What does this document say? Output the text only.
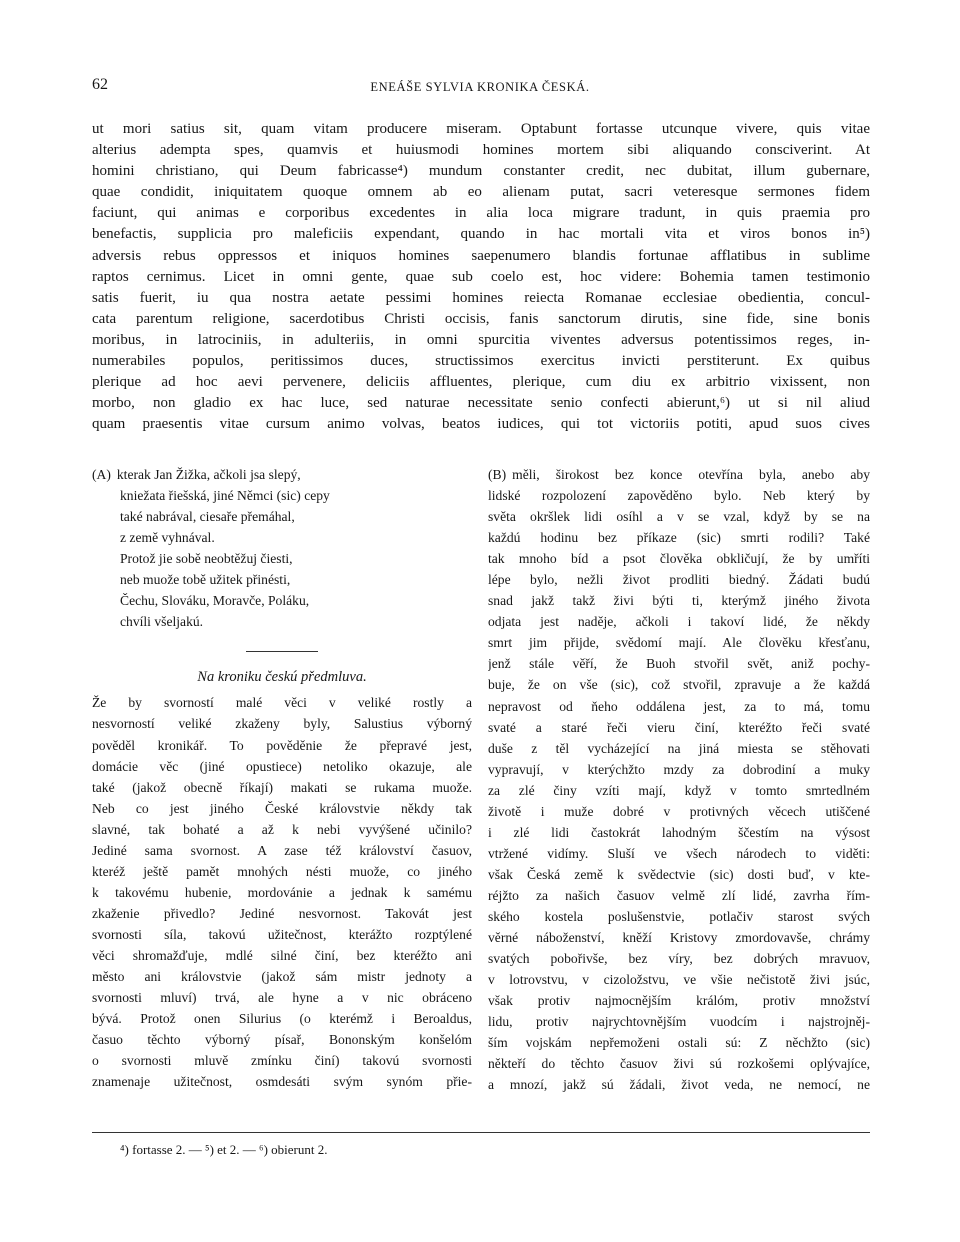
62	ENEÁŠE SYLVIA KRONIKA ČESKÁ.
ut mori satius sit, quam vitam producere miseram. Optabunt fortasse utcunque vivere, quis vitae
alterius adempta spes, quamvis et huiusmodi homines mortem sibi aliquando consciverint. At
homini christiano, qui Deum fabricasse⁴) mundum constanter credit, nec dubitat, illum gubernare,
quae condidit, iniquitatem quoque omnem ab eo alienam putat, sacri veteresque sermones fidem
faciunt, qui animas e corporibus excedentes in alia loca migrare tradunt, in quis praemia pro
benefactis, supplicia pro maleficiis expendant, quando in hac mortali vita et viros bonos in⁵)
adversis rebus oppressos et iniquos homines saepenumero blandis fortunae afflatibus in sublime
raptos cernimus. Licet in omni gente, quae sub coelo est, hoc videre: Bohemia tamen testimonio
satis fuerit, iu qua nostra aetate pessimi homines reiecta Romanae ecclesiae obedientia, concul-
cata parentum religione, sacerdotibus Christi occisis, fanis sanctorum dirutis, sine fide, sine bonis
moribus, in latrociniis, in adulteriis, in omni spurcitia viventes adversus potentissimos reges, in-
numerabiles populos, peritissimos duces, structissimos exercitus invicti perstiterunt. Ex quibus
plerique ad hoc aevi pervenere, deliciis affluentes, plerique, cum diu ex arbitrio vixissent, non
morbo, non gladio ex hac luce, sed naturae necessitate senio confecti abierunt,⁶) ut si nil aliud
quam praesentis vitae cursum animo volvas, beatos iudices, qui tot victoriis potiti, apud suos cives
(A) kterak Jan Žižka, ačkoli jsa slepý,
kniežata řiešská, jiné Němci (sic) cepy
také nabrával, ciesaře přemáhal,
z země vyhnával.
Protož jie sobě neobtěžuj čiesti,
neb muože tobě užitek přinésti,
Čechu, Slováku, Moravče, Poláku,
chvíli všeljakú.
Na kroniku českú předmluva.
Že by svorností malé věci v veliké rostly a
nesvorností veliké zkaženy byly, Salustius výborný
pověděl kronikář. To pověděnie že přepravé jest,
domácie věc (jiné opustiece) netoliko okazuje, ale
také (jakož obecně říkají) makati se rukama muože.
Neb co jest jiného České královstvie někdy tak
slavné, tak bohaté a až k nebi vyvýšené učinilo?
Jediné sama svornost. A zase též království časuov,
kteréž ještě pamět mnohých nésti muože, co jiného
k takovému hubenie, mordovánie a jednak k samému
zkaženie přivedlo? Jediné nesvornost. Takovát jest
svornosti síla, takovú užitečnost, kterážto rozptýlené
věci shromažďuje, mdlé silné činí, bez kteréžto ani
město ani královstvie (jakož sám mistr jednoty a
svornosti mluví) trvá, ale hyne a v nic obrácenо
bývá. Protož onen Silurius (o kterémž i Beroaldus,
časuo těchto výborný písař, Bononským konšelóm
o svornosti mluvě zmínku činí) takovú svornosti
znamenaje užitečnost, osmdesáti svým synóm přie-
(B) měli, širokost bez konce otevřína byla, anebo aby
lidské rozpolození zapověděno bylo. Neb který by
světa okršlek lidi osíhl a v se vzal, když by se na
každú hodinu bez příkaze (sic) smrti rodili? Také
tak mnoho bíd a psot člověka obkličují, že by umříti
lépe bylo, nežli život prodliti biedný. Žádati budú
snad jakž takž živi býti ti, kterýmž jiného života
odjata jest naděje, ačkoli i takoví lidé, že někdy
smrt jim přijde, svědomí mají. Ale člověku křesťanu,
jenž stále věří, že Buoh stvořil svět, aniž pochy-
buje, že on vše (sic), což stvořil, zpravuje a že každá
nepravost od ňeho oddálena jest, za to má, tomu
svaté a staré řeči vieru činí, kteréžto řeči svaté
duše z těl vycházející na jiná miesta se stěhovati
vypravují, v kterýchžto mzdy za dobrodiní a muky
za zlé činy vzíti mají, když v tomto smrtedlném
životě i muže dobré v protivných věcech utiščené
i zlé lidi častokrát lahodným ščestím na výsost
vtržené vidímy. Sluší ve všech národech to viděti:
však Česká země k svědectvie (sic) dosti buď, v kte-
réjžto za našich časuov velmě zlí lidé, zavrha řím-
ského kostela poslušenstvie, potlačiv starost svých
věrné náboženství, kněží Kristovy zmordovavše, chrámy
svatých pobořivše, bez víry, bez dobrých mravuov,
v lotrovstvu, v cizoložstvu, ve všie nečistotě živi jsúc,
však protiv najmocnějším králóm, protiv množství
lidu, protiv najrychtovnějším vuodcím i najstrojněj-
ším vojskám nepřemoženi ostali sú: Z něchžto (sic)
někteří do těchto časuov živi sú rozkošemi oplývajíce,
a mnozí, jakž sú žádali, život veda, ne nemocí, ne
⁴) fortasse 2. — ⁵) et 2. — ⁶) obierunt 2.
